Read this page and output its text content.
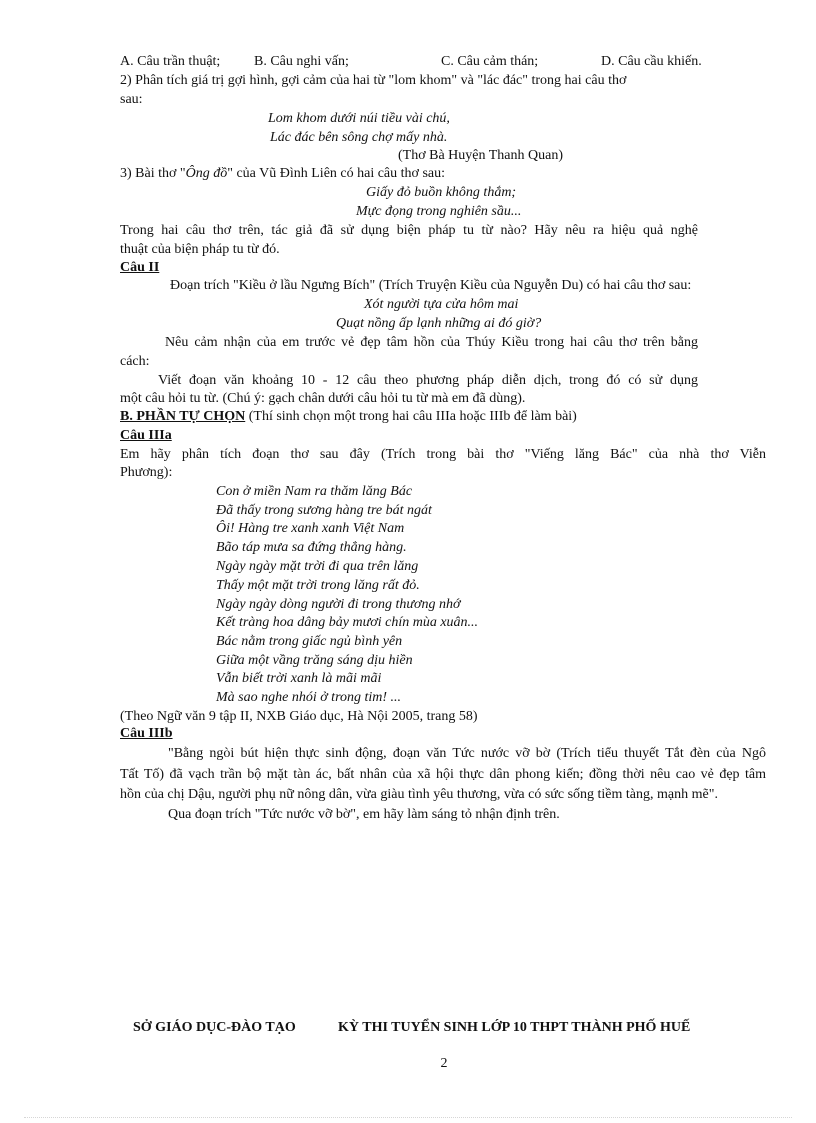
A. Câu trần thuật; B. Câu nghi vấn;	C. Câu cảm thán;	D. Câu cầu khiến.
2) Phân tích giá trị gợi hình, gợi cảm của hai từ "lom khom" và "lác đác" trong hai câu thơ
sau:
Lom khom dưới núi tiều vài chú,
Lác đác bên sông chợ mấy nhà.
(Thơ Bà Huyện Thanh Quan)
3) Bài thơ "Ông đồ" của Vũ Đình Liên có hai câu thơ sau:
Giấy đỏ buồn không thắm;
Mực đọng trong nghiên sầu...
Trong hai câu thơ trên, tác giả đã sử dụng biện pháp tu từ nào? Hãy nêu ra hiệu quả nghệ
thuật của biện pháp tu từ đó.
Câu II
Đoạn trích "Kiều ở lầu Ngưng Bích" (Trích Truyện Kiều của Nguyễn Du) có hai câu thơ sau:
Xót người tựa cửa hôm mai
Quạt nồng ấp lạnh những ai đó giờ?
Nêu cảm nhận của em trước vẻ đẹp tâm hồn của Thúy Kiều trong hai câu thơ trên bằng
cách:
Viết đoạn văn khoảng 10 - 12 câu theo phương pháp diễn dịch, trong đó có sử dụng
một câu hỏi tu từ. (Chú ý: gạch chân dưới câu hỏi tu từ mà em đã dùng).
B. PHẦN TỰ CHỌN (Thí sinh chọn một trong hai câu IIIa hoặc IIIb để làm bài)
Câu IIIa
Em hãy phân tích đoạn thơ sau đây (Trích trong bài thơ "Viếng lăng Bác" của nhà thơ Viễn
Phương):
Con ở miền Nam ra thăm lăng Bác
Đã thấy trong sương hàng tre bát ngát
Ôi! Hàng tre xanh xanh Việt Nam
Bão táp mưa sa đứng thẳng hàng.
Ngày ngày mặt trời đi qua trên lăng
Thấy một mặt trời trong lăng rất đỏ.
Ngày ngày dòng người đi trong thương nhớ
Kết tràng hoa dâng bảy mươi chín mùa xuân...
Bác nằm trong giấc ngủ bình yên
Giữa một vầng trăng sáng dịu hiền
Vẫn biết trời xanh là mãi mãi
Mà sao nghe nhói ở trong tim! ...
(Theo Ngữ văn 9 tập II, NXB Giáo dục, Hà Nội 2005, trang 58)
Câu IIIb
"Bằng ngòi bút hiện thực sinh động, đoạn văn Tức nước vỡ bờ (Trích tiểu thuyết Tắt đèn của Ngô
Tất Tố) đã vạch trần bộ mặt tàn ác, bất nhân của xã hội thực dân phong kiến; đồng thời nêu cao vẻ đẹp tâm
hồn của chị Dậu, người phụ nữ nông dân, vừa giàu tình yêu thương, vừa có sức sống tiềm tàng, mạnh mẽ".
Qua đoạn trích "Tức nước vỡ bờ", em hãy làm sáng tỏ nhận định trên.
SỞ GIÁO DỤC-ĐÀO TẠO	KỲ THI TUYỂN SINH LỚP 10 THPT THÀNH PHỐ HUẾ
2
